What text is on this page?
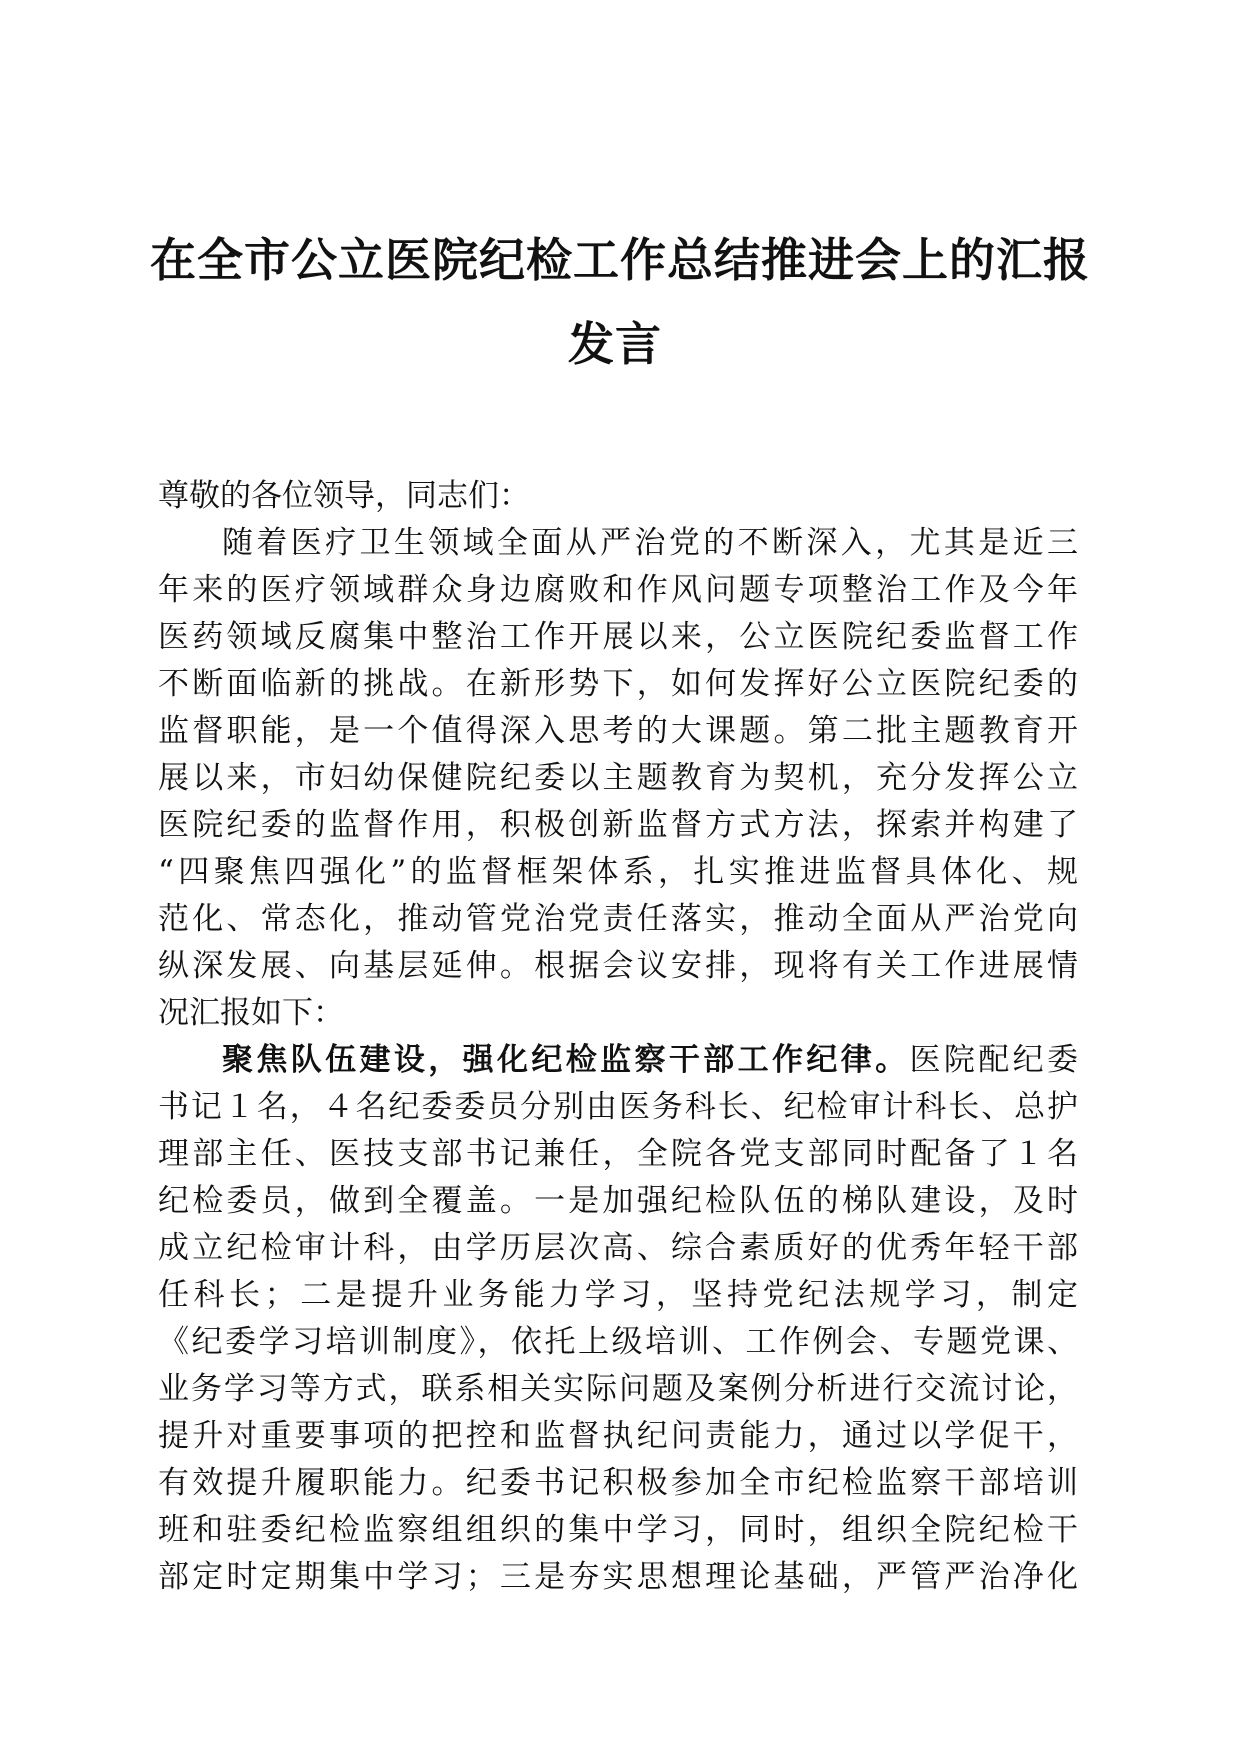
在全市公立医院纪检工作总结推进会上的汇报
发言
尊敬的各位领导，同志们：
随着医疗卫生领域全面从严治党的不断深入，尤其是近三
年来的医疗领域群众身边腐败和作风问题专项整治工作及今年
医药领域反腐集中整治工作开展以来，公立医院纪委监督工作
不断面临新的挑战。在新形势下，如何发挥好公立医院纪委的
监督职能，是一个值得深入思考的大课题。第二批主题教育开
展以来，市妇幼保健院纪委以主题教育为契机，充分发挥公立
医院纪委的监督作用，积极创新监督方式方法，探索并构建了
“四聚焦四强化”的监督框架体系，扎实推进监督具体化、规
范化、常态化，推动管党治党责任落实，推动全面从严治党向
纵深发展、向基层延伸。根据会议安排，现将有关工作进展情
况汇报如下：
聚焦队伍建设，强化纪检监察干部工作纪律。医院配纪委
书记１名，４名纪委委员分别由医务科长、纪检审计科长、总护
理部主任、医技支部书记兼任，全院各党支部同时配备了１名
纪检委员，做到全覆盖。一是加强纪检队伍的梯队建设，及时
成立纪检审计科，由学历层次高、综合素质好的优秀年轻干部
任科长；二是提升业务能力学习，坚持党纪法规学习，制定
《纪委学习培训制度》，依托上级培训、工作例会、专题党课、
业务学习等方式，联系相关实际问题及案例分析进行交流讨论，
提升对重要事项的把控和监督执纪问责能力，通过以学促干，
有效提升履职能力。纪委书记积极参加全市纪检监察干部培训
班和驻委纪检监察组组织的集中学习，同时，组织全院纪检干
部定时定期集中学习；三是夯实思想理论基础，严管严治净化
